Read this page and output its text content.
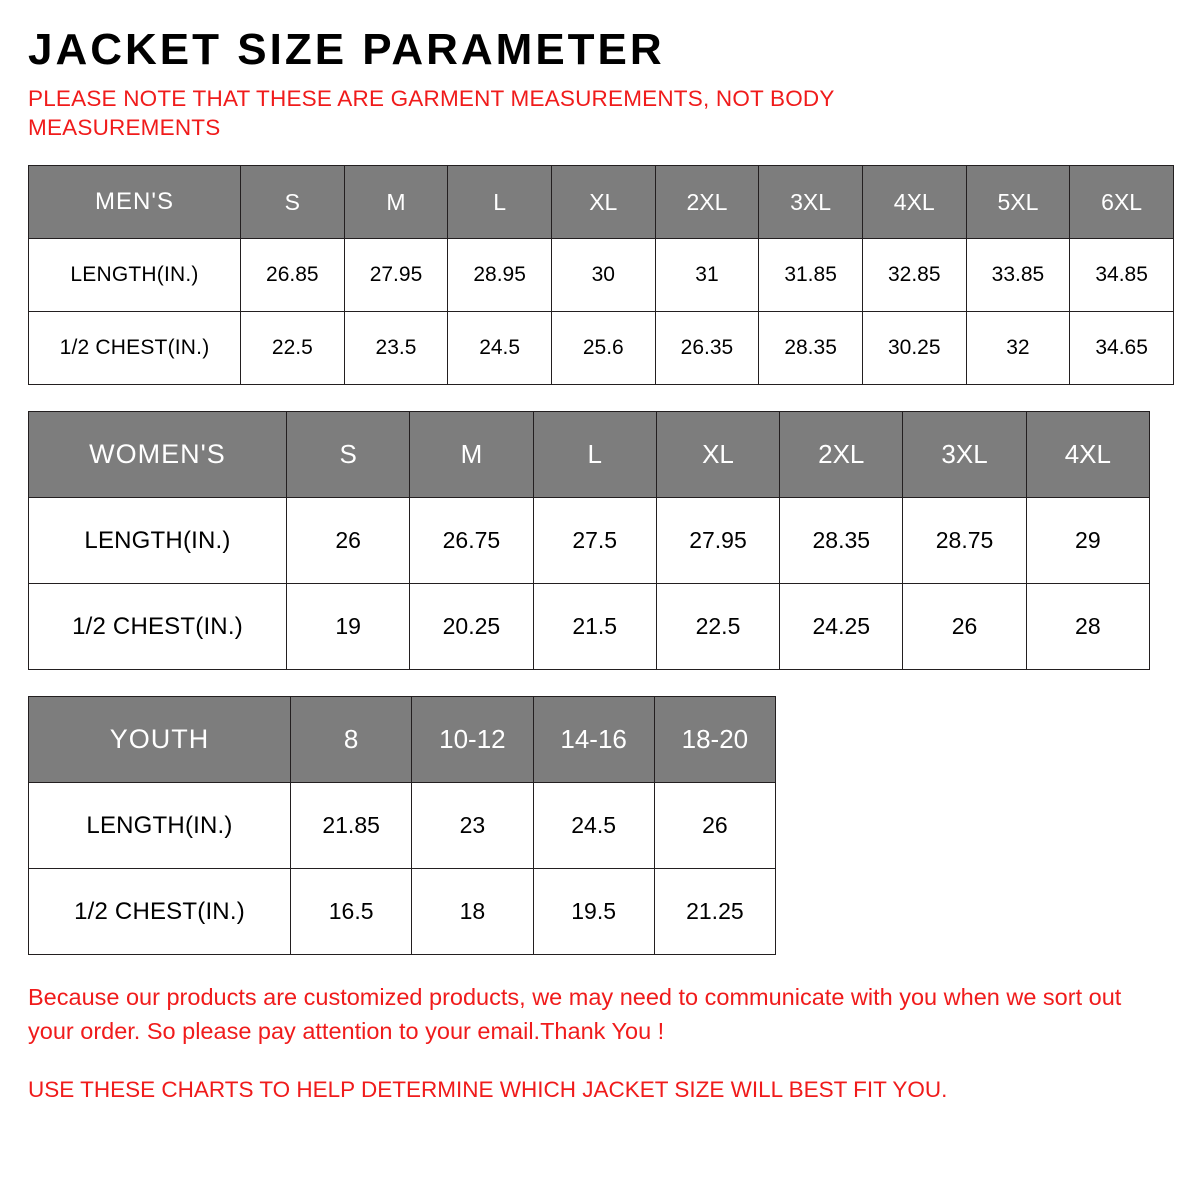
JACKET SIZE PARAMETER

PLEASE NOTE THAT THESE ARE GARMENT MEASUREMENTS, NOT BODY MEASUREMENTS

MEN'S	S	M	L	XL	2XL	3XL	4XL	5XL	6XL
LENGTH(IN.)	26.85	27.95	28.95	30	31	31.85	32.85	33.85	34.85
1/2 CHEST(IN.)	22.5	23.5	24.5	25.6	26.35	28.35	30.25	32	34.65
WOMEN'S	S	M	L	XL	2XL	3XL	4XL
LENGTH(IN.)	26	26.75	27.5	27.95	28.35	28.75	29
1/2 CHEST(IN.)	19	20.25	21.5	22.5	24.25	26	28
YOUTH	8	10-12	14-16	18-20
LENGTH(IN.)	21.85	23	24.5	26
1/2 CHEST(IN.)	16.5	18	19.5	21.25

Because our products are customized products, we may need to communicate with you when we sort out your order. So please pay attention to your email.Thank You !

USE THESE CHARTS TO HELP DETERMINE WHICH JACKET SIZE WILL BEST FIT YOU.
